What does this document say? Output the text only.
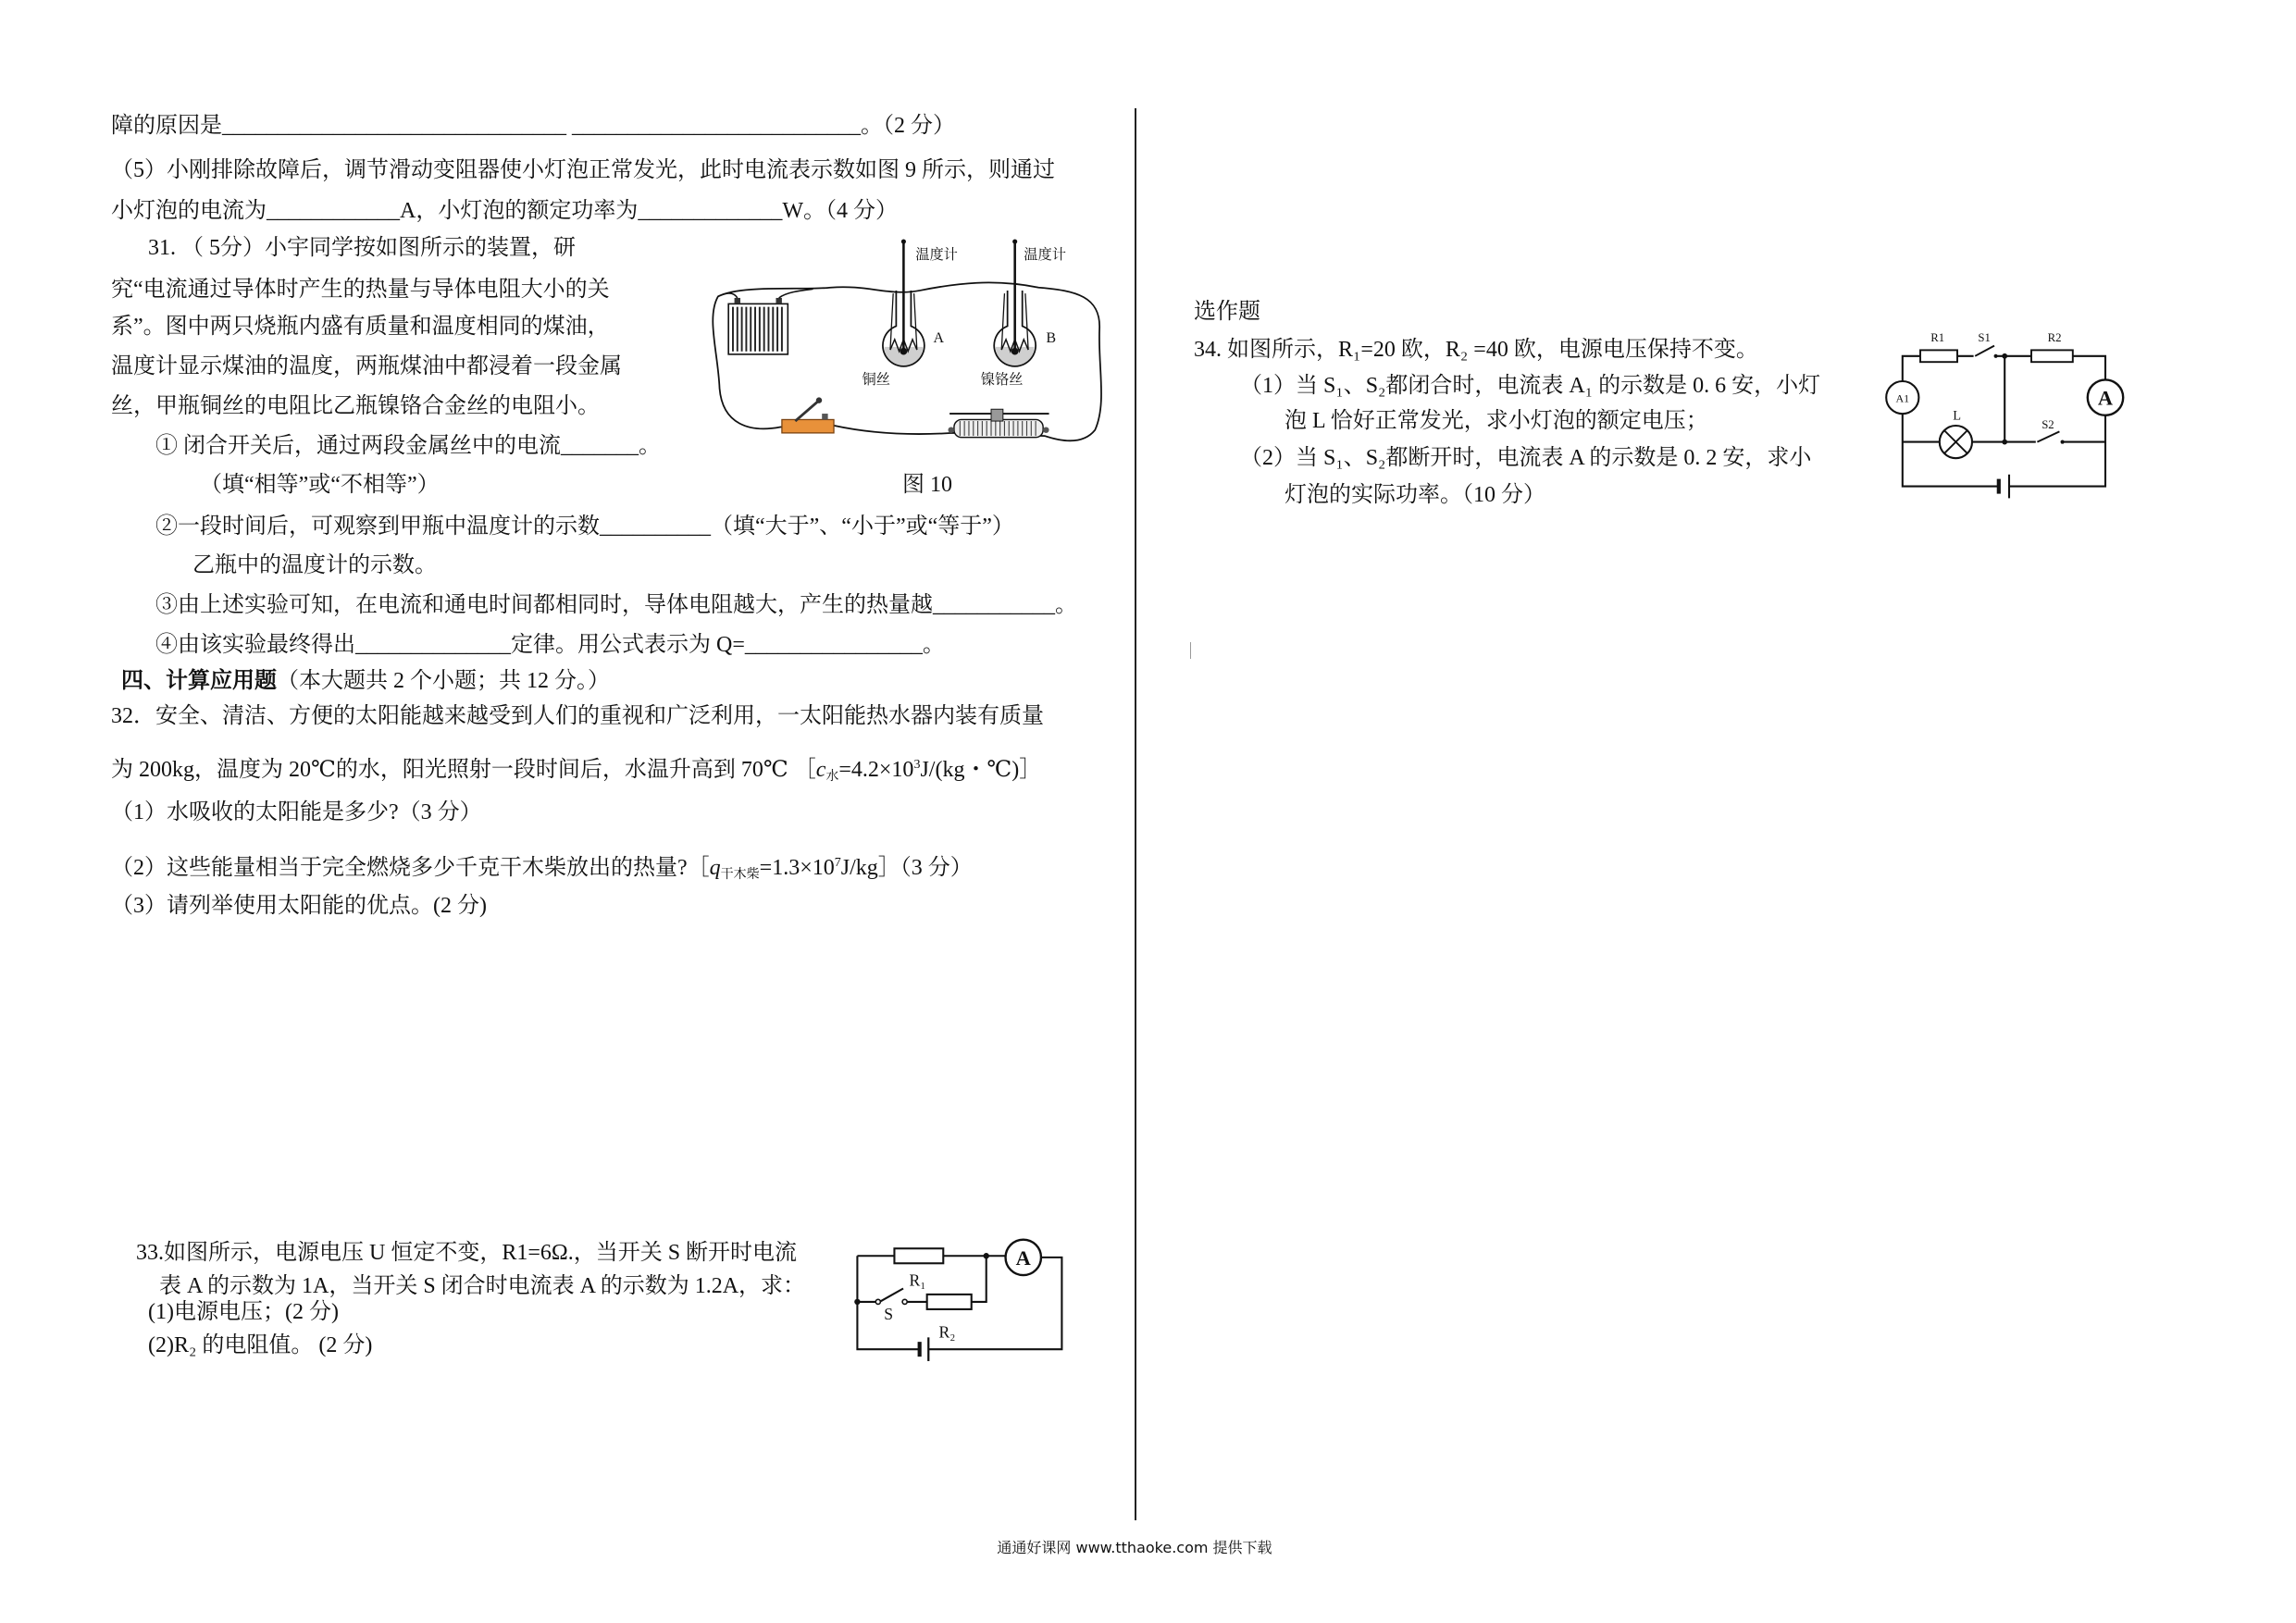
障的原因是_______________________________ __________________________。（2 分）
（5）小刚排除故障后，调节滑动变阻器使小灯泡正常发光，此时电流表示数如图 9 所示，则通过
小灯泡的电流为____________A，小灯泡的额定功率为_____________W。（4 分）
31. （ 5分）小宇同学按如图所示的装置，研
究“电流通过导体时产生的热量与导体电阻大小的关
系”。图中两只烧瓶内盛有质量和温度相同的煤油，
温度计显示煤油的温度，两瓶煤油中都浸着一段金属
丝，甲瓶铜丝的电阻比乙瓶镍铬合金丝的电阻小。
① 闭合开关后，通过两段金属丝中的电流_______。
（填“相等”或“不相等”）	图 10
②一段时间后，可观察到甲瓶中温度计的示数__________（填“大于”、“小于”或“等于”）
乙瓶中的温度计的示数。
③由上述实验可知，在电流和通电时间都相同时，导体电阻越大，产生的热量越___________。
④由该实验最终得出______________定律。用公式表示为 Q=________________。
温度计	温度计
A	B
铜丝	镍铬丝
四、计算应用题（本大题共 2 个小题；共 12 分。）
32．安全、清洁、方便的太阳能越来越受到人们的重视和广泛利用，一太阳能热水器内装有质量
为 200kg，温度为 20℃的水，阳光照射一段时间后，水温升高到 70℃ $[c_水=4.2\times 10^3J/(kg$・℃)］
（1）水吸收的太阳能是多少?（3 分）
（2）这些能量相当于完全燃烧多少千克干木柴放出的热量$?[q_{干木柴}=1.3\times 10^7J/kg](3$ 分）
（3）请列举使用太阳能的优点。(2 分)
33.如图所示，电源电压 U 恒定不变，R1=6Ω.，当开关 S 断开时电流
表 A 的示数为 1A，当开关 S 闭合时电流表 A 的示数为 1.2A，求：
(1)电源电压；(2 分)
(2)R₂ 的电阻值。 (2 分)
A
R₁
S
R₂
选作题
34. 如图所示，R₁=20 欧，R₂ =40 欧，电源电压保持不变。
（1）当 S₁、S₂都闭合时，电流表 A₁ 的示数是 0. 6 安，小灯
泡 L 恰好正常发光，求小灯泡的额定电压；
（2）当 S₁、S₂都断开时，电流表 A 的示数是 0. 2 安，求小
灯泡的实际功率。（10 分）
R1	S1	R2
A1
L
S2
A
通通好课网 www.tthaoke.com 提供下载
